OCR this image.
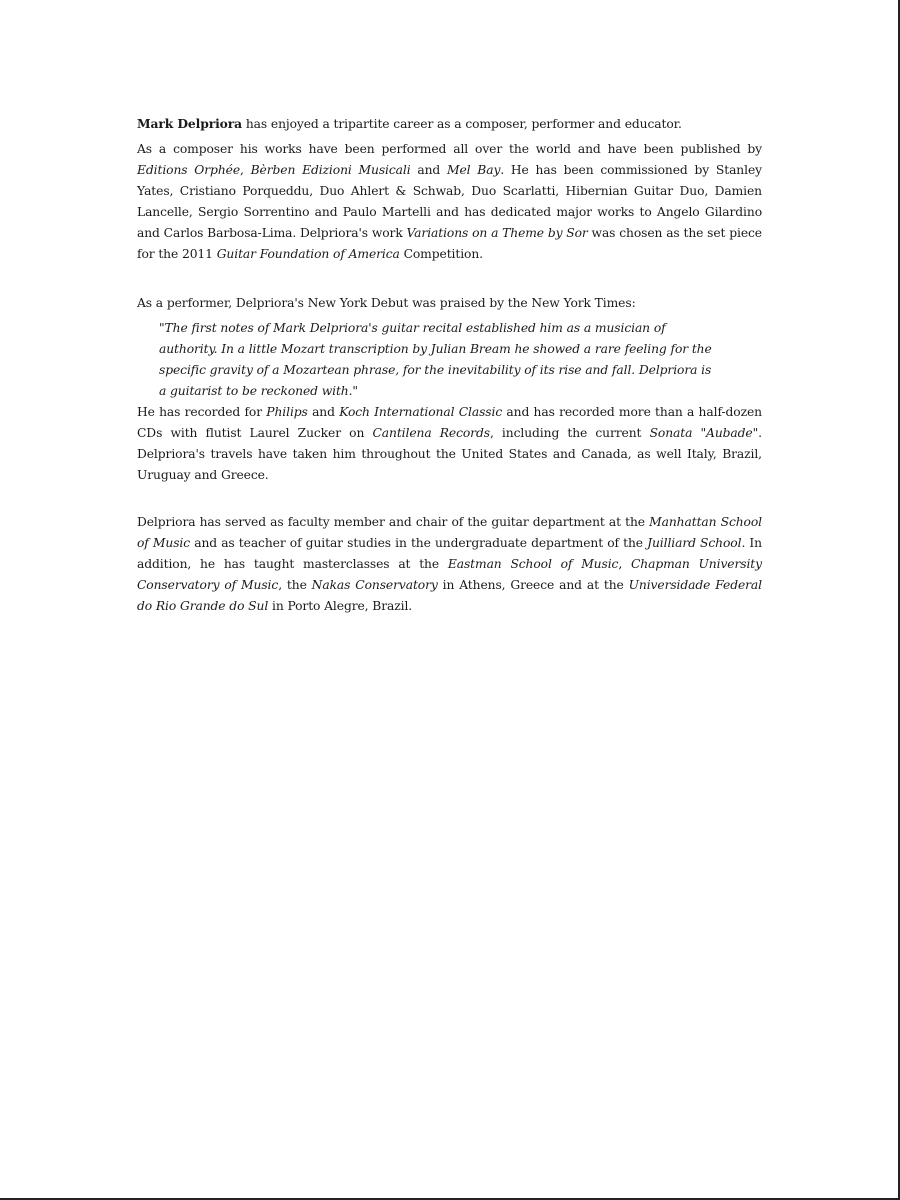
Mark Delpriora has enjoyed a tripartite career as a composer, performer and educator.

As a composer his works have been performed all over the world and have been published by Editions Orphée, Bèrben Edizioni Musicali and Mel Bay. He has been commissioned by Stanley Yates, Cristiano Porqueddu, Duo Ahlert & Schwab, Duo Scarlatti, Hibernian Guitar Duo, Damien Lancelle, Sergio Sorrentino and Paulo Martelli and has dedicated major works to Angelo Gilardino and Carlos Barbosa-Lima. Delpriora's work Variations on a Theme by Sor was chosen as the set piece for the 2011 Guitar Foundation of America Competition.

As a performer, Delpriora's New York Debut was praised by the New York Times:

"The first notes of Mark Delpriora's guitar recital established him as a musician of
authority. In a little Mozart transcription by Julian Bream he showed a rare feeling for the
specific gravity of a Mozartean phrase, for the inevitability of its rise and fall. Delpriora is
a guitarist to be reckoned with."

He has recorded for Philips and Koch International Classic and has recorded more than a half-dozen CDs with flutist Laurel Zucker on Cantilena Records, including the current Sonata "Aubade". Delpriora's travels have taken him throughout the United States and Canada, as well Italy, Brazil, Uruguay and Greece.

Delpriora has served as faculty member and chair of the guitar department at the Manhattan School of Music and as teacher of guitar studies in the undergraduate department of the Juilliard School. In addition, he has taught masterclasses at the Eastman School of Music, Chapman University Conservatory of Music, the Nakas Conservatory in Athens, Greece and at the Universidade Federal do Rio Grande do Sul in Porto Alegre, Brazil.
